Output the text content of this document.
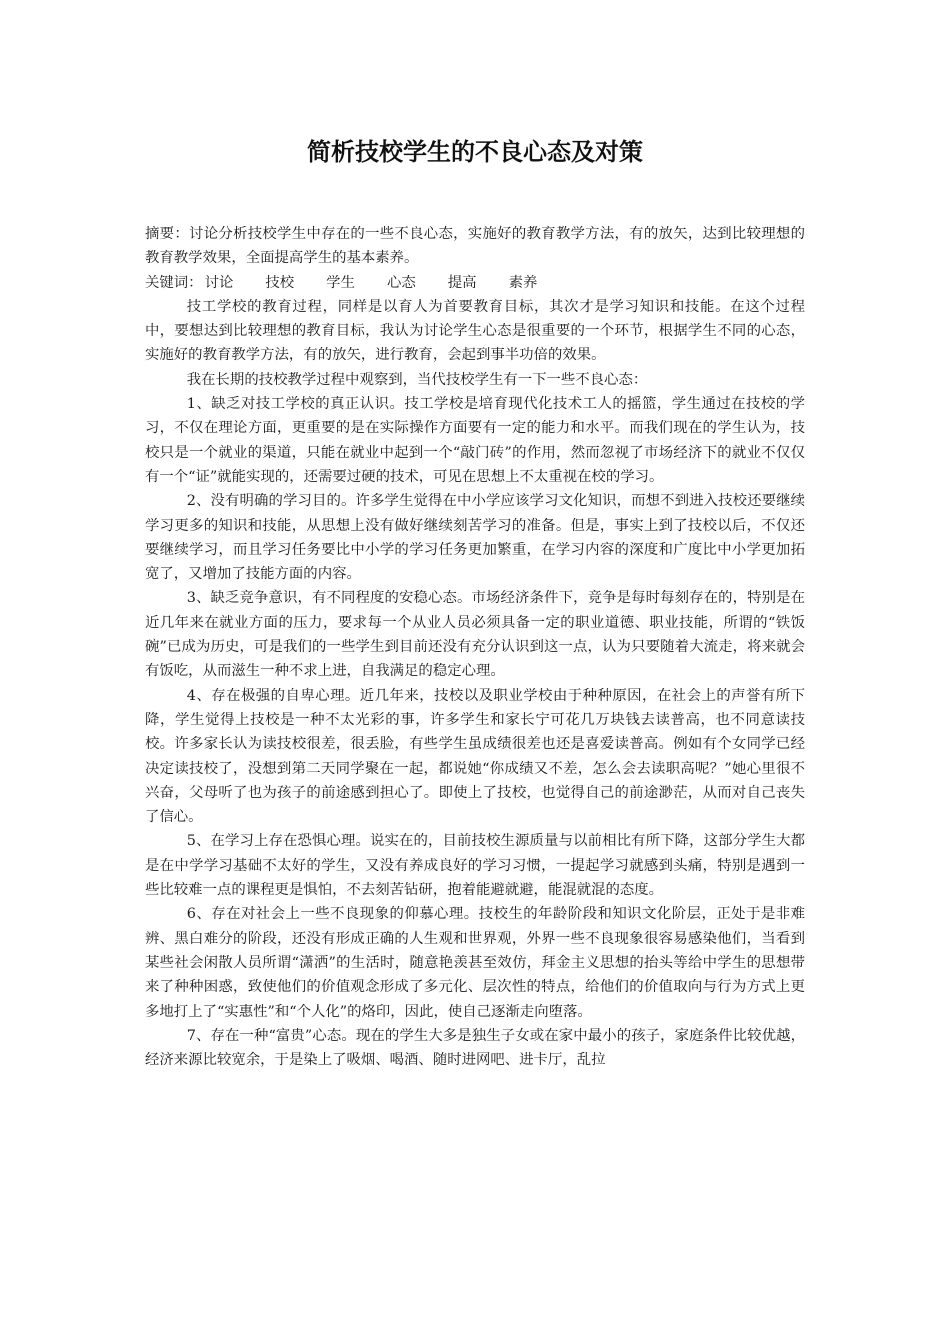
简析技校学生的不良心态及对策

摘要：讨论分析技校学生中存在的一些不良心态，实施好的教育教学方法，有的放矢，达到比较理想的教育教学效果，全面提高学生的基本素养。

关键词： 讨论 技校 学生 心态 提高 素养

技工学校的教育过程，同样是以育人为首要教育目标，其次才是学习知识和技能。在这个过程中，要想达到比较理想的教育目标，我认为讨论学生心态是很重要的一个环节，根据学生不同的心态，实施好的教育教学方法，有的放矢，进行教育，会起到事半功倍的效果。

我在长期的技校教学过程中观察到，当代技校学生有一下一些不良心态：

1、缺乏对技工学校的真正认识。技工学校是培育现代化技术工人的摇篮，学生通过在技校的学习，不仅在理论方面，更重要的是在实际操作方面要有一定的能力和水平。而我们现在的学生认为，技校只是一个就业的渠道，只能在就业中起到一个“敲门砖”的作用，然而忽视了市场经济下的就业不仅仅有一个“证”就能实现的，还需要过硬的技术，可见在思想上不太重视在校的学习。

2、没有明确的学习目的。许多学生觉得在中小学应该学习文化知识，而想不到进入技校还要继续学习更多的知识和技能，从思想上没有做好继续刻苦学习的准备。但是，事实上到了技校以后，不仅还要继续学习，而且学习任务要比中小学的学习任务更加繁重，在学习内容的深度和广度比中小学更加拓宽了，又增加了技能方面的内容。

3、缺乏竞争意识，有不同程度的安稳心态。市场经济条件下，竞争是每时每刻存在的，特别是在近几年来在就业方面的压力，要求每一个从业人员必须具备一定的职业道德、职业技能，所谓的“铁饭碗”已成为历史，可是我们的一些学生到目前还没有充分认识到这一点，认为只要随着大流走，将来就会有饭吃，从而滋生一种不求上进，自我满足的稳定心理。

4、存在极强的自卑心理。近几年来，技校以及职业学校由于种种原因，在社会上的声誉有所下降，学生觉得上技校是一种不太光彩的事，许多学生和家长宁可花几万块钱去读普高，也不同意读技校。许多家长认为读技校很差，很丢脸，有些学生虽成绩很差也还是喜爱读普高。例如有个女同学已经决定读技校了，没想到第二天同学聚在一起，都说她“你成绩又不差，怎么会去读职高呢？”她心里很不兴奋，父母听了也为孩子的前途感到担心了。即使上了技校，也觉得自己的前途渺茫，从而对自己丧失了信心。

5、在学习上存在恐惧心理。说实在的，目前技校生源质量与以前相比有所下降，这部分学生大都是在中学学习基础不太好的学生，又没有养成良好的学习习惯，一提起学习就感到头痛，特别是遇到一些比较难一点的课程更是惧怕，不去刻苦钻研，抱着能避就避，能混就混的态度。

6、存在对社会上一些不良现象的仰慕心理。技校生的年龄阶段和知识文化阶层，正处于是非难辨、黑白难分的阶段，还没有形成正确的人生观和世界观，外界一些不良现象很容易感染他们，当看到某些社会闲散人员所谓“潇洒”的生活时，随意艳羡甚至效仿，拜金主义思想的抬头等给中学生的思想带来了种种困惑，致使他们的价值观念形成了多元化、层次性的特点，给他们的价值取向与行为方式上更多地打上了“实惠性”和“个人化”的烙印，因此，使自己逐渐走向堕落。

7、存在一种“富贵”心态。现在的学生大多是独生子女或在家中最小的孩子，家庭条件比较优越，经济来源比较宽余，于是染上了吸烟、喝酒、随时进网吧、进卡厅，乱拉
